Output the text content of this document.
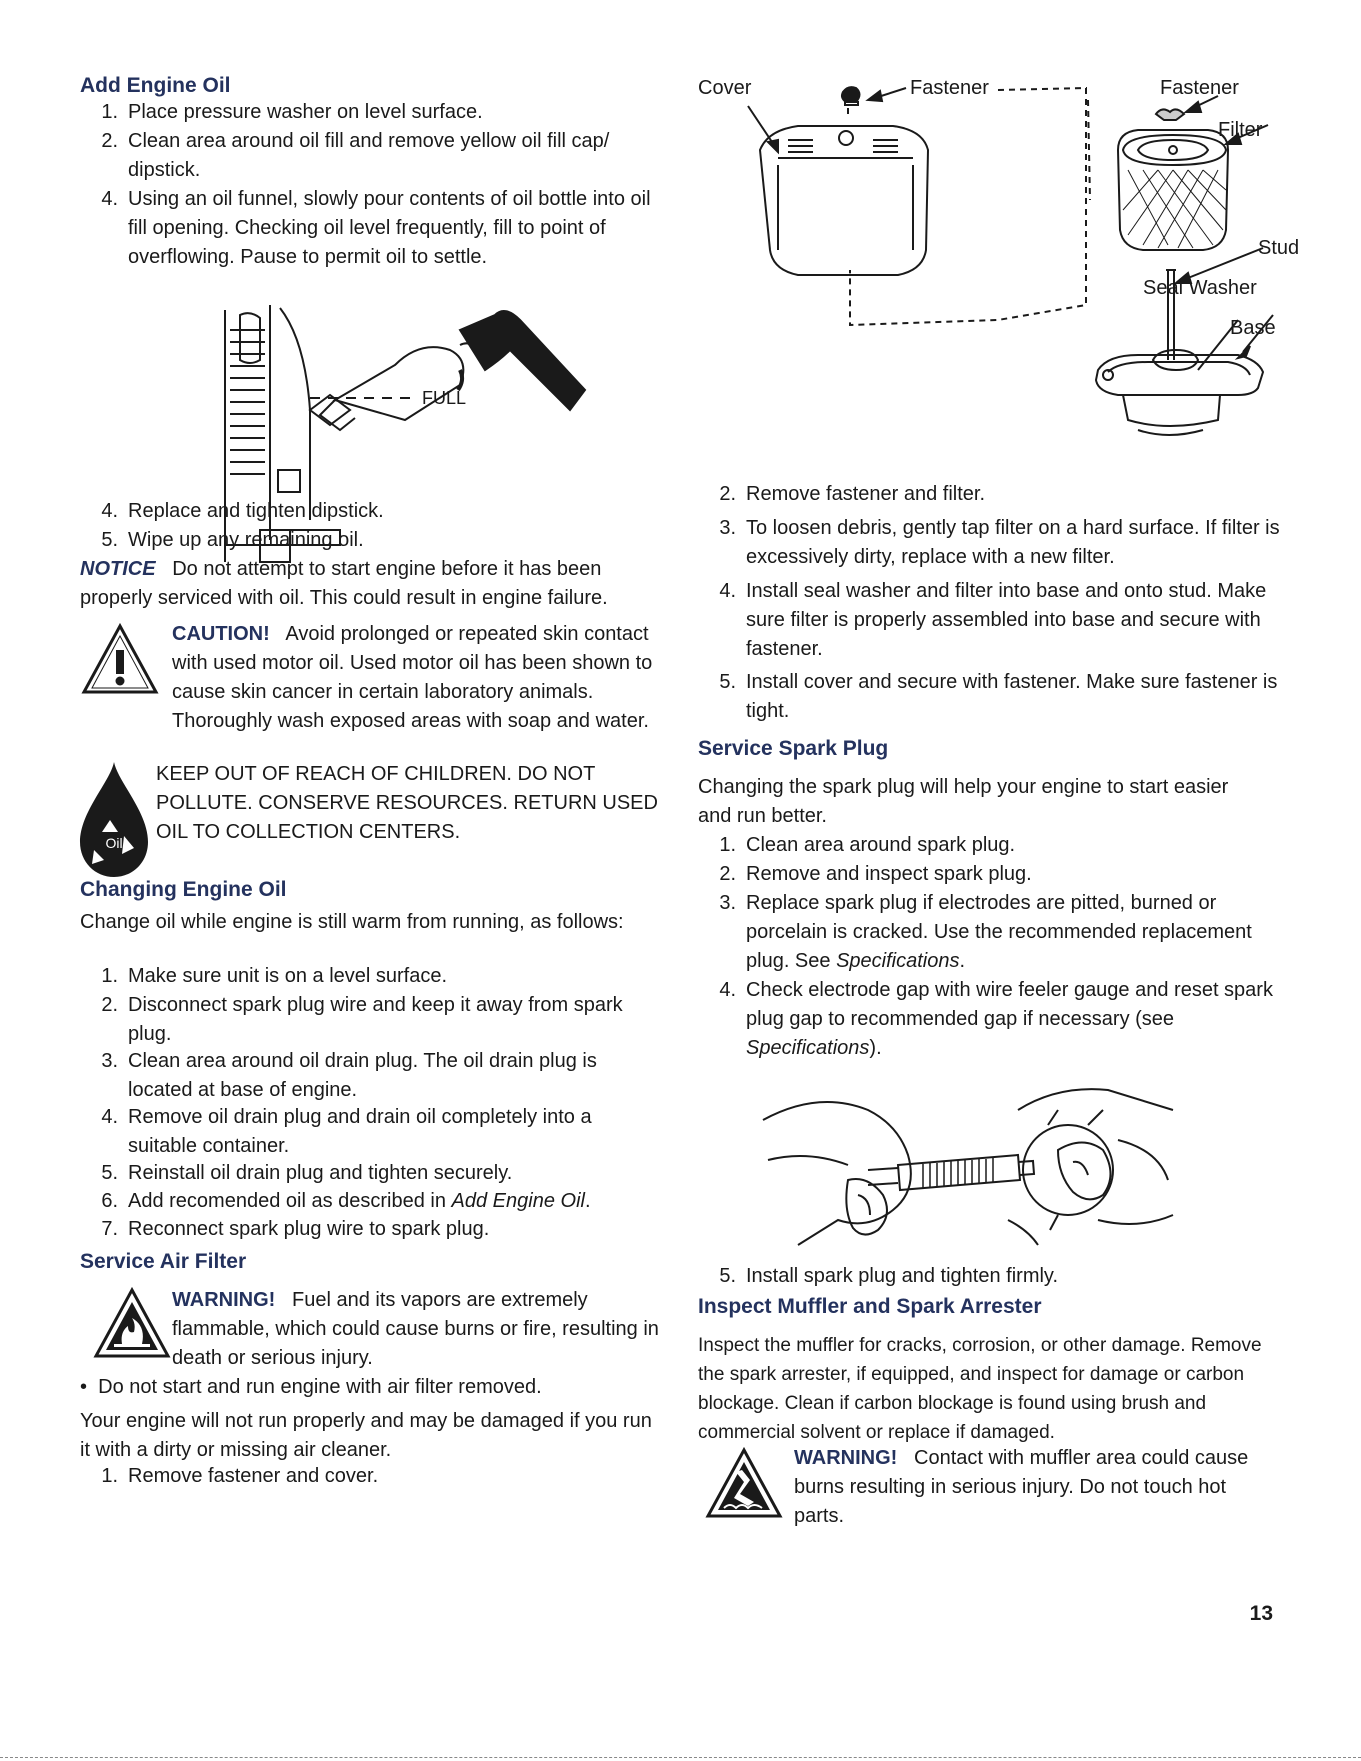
Add Engine Oil
1 . Place pressure washer on level surface.
2 . Clean area around oil fill and remove yellow oil fill cap/ dipstick.
4 . Using an oil funnel, slowly pour contents of oil bottle into oil fill opening. Checking oil level frequently, fill to point of overflowing. Pause to permit oil to settle.
FULL
4 . Replace and tighten dipstick.
5 . Wipe up any remaining oil.

NOTICE Do not attempt to start engine before it has been properly serviced with oil. This could result in engine failure.

CAUTION! Avoid prolonged or repeated skin contact with used motor oil. Used motor oil has been shown to cause skin cancer in certain laboratory animals. Thoroughly wash exposed areas with soap and water.

Oil

KEEP OUT OF REACH OF CHILDREN. DO NOT POLLUTE. CONSERVE RESOURCES. RETURN USED OIL TO COLLECTION CENTERS.

Changing Engine Oil

Change oil while engine is still warm from running, as follows:

1 . Make sure unit is on a level surface.
2 . Disconnect spark plug wire and keep it away from spark plug.
3 . Clean area around oil drain plug. The oil drain plug is located at base of engine.
4 . Remove oil drain plug and drain oil completely into a suitable container.
5 . Reinstall oil drain plug and tighten securely.
6 . Add recomended oil as described in Add Engine Oil.
7 . Reconnect spark plug wire to spark plug.
Service Air Filter

WARNING! Fuel and its vapors are extremely flammable, which could cause burns or fire, resulting in death or serious injury.

•  Do not start and run engine with air filter removed.

Your engine will not run properly and may be damaged if you run it with a dirty or missing air cleaner.

1 . Remove fastener and cover.
Cover	Fastener	Fastener
Filter
Stud
Seal Washer
Base
2 . Remove fastener and filter.
3 . To loosen debris, gently tap filter on a hard surface. If filter is excessively dirty, replace with a new filter.
4 . Install seal washer and filter into base and onto stud. Make sure filter is properly assembled into base and secure with fastener.
5 . Install cover and secure with fastener. Make sure fastener is tight.
Service Spark Plug

Changing the spark plug will help your engine to start easier and run better.

1 . Clean area around spark plug.
2 . Remove and inspect spark plug.
3 . Replace spark plug if electrodes are pitted, burned or porcelain is cracked. Use the recommended replacement plug. See Specifications.
4 . Check electrode gap with wire feeler gauge and reset spark plug gap to recommended gap if necessary (see Specifications).
5 . Install spark plug and tighten firmly.
Inspect Muffler and Spark Arrester

Inspect the muffler for cracks, corrosion, or other damage. Remove the spark arrester, if equipped, and inspect for damage or carbon blockage. Clean if carbon blockage is found using brush and commercial solvent or replace if damaged.

WARNING! Contact with muffler area could cause burns resulting in serious injury. Do not touch hot parts.

13
